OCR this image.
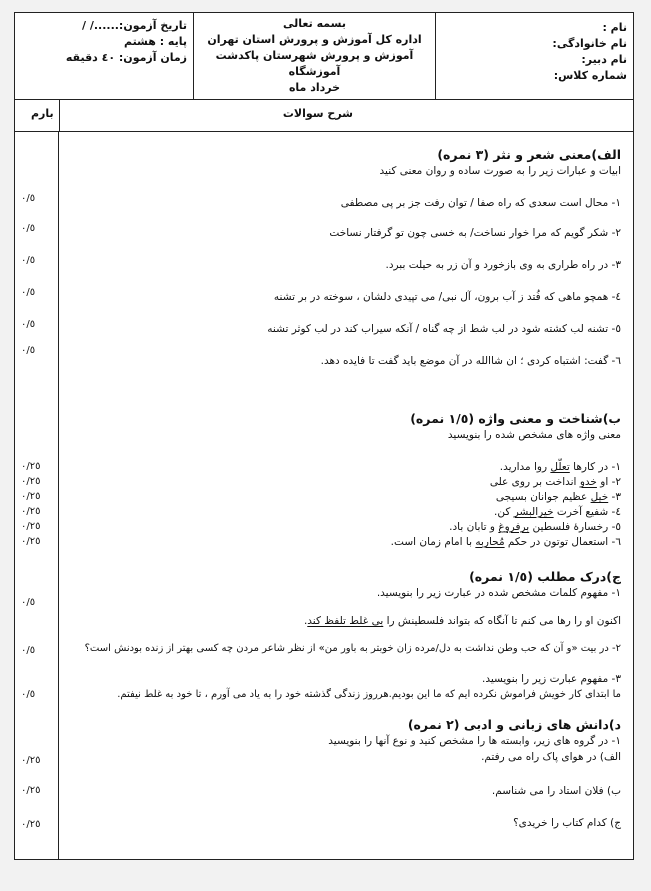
نام :
نام خانوادگی:
نام دبیر:
شماره کلاس:
بسمه تعالی
اداره کل آموزش و پرورش استان تهران
آموزش و پرورش شهرستان پاکدشت
آموزشگاه
خرداد ماه
تاریخ آزمون:....../ /
پایه : هشتم
زمان آزمون: ٤٠ دقیقه
شرح سوالات
بارم
الف)معنی شعر و نثر (۳ نمره)
ابیات و عبارات زیر را به صورت ساده و روان معنی کنید
١- محال است سعدی که راه صفا / توان رفت جز بر پی مصطفی
٠/٥
٢- شکر گویم که مرا خوار نساخت/ به خسی چون تو گرفتار نساخت
٠/٥
٣- در راه طراری به وی بازخورد و آن زر به حیلت ببرد.
٠/٥
٤- همچو ماهی که فُتد ز آب برون، آل نبی/ می تپیدی دلشان ، سوخته در بر تشنه
٠/٥
٥- تشنه لب کشته شود در لب شط از چه گناه / آنکه سیراب کند در لب کوثر تشنه
٠/٥
٦- گفت: اشتباه کردی ؛ ان شاالله در آن موضع باید گفت تا فایده دهد.
٠/٥
ب)شناخت و معنی واژه (١/٥ نمره)
معنی واژه های مشخص شده را بنویسید
١- در کارها تعلّل روا مدارید.
٠/٢٥
٢- او خدو انداخت بر روی علی
٠/٢٥
٣- خیل عظیم جوانان بسیجی
٠/٢٥
٤- شفیع آخرت خیرالبشر کن.
٠/٢٥
٥- رخسارهٔ فلسطین برفروغ و تابان باد.
٠/٢٥
٦- استعمال توتون در حکم مُحاربه با امام زمان است.
٠/٢٥
ج)درک مطلب (١/٥ نمره)
١- مفهوم کلمات مشخص شده در عبارت زیر را بنویسید.
٠/٥
اکنون او را رها می کنم تا آنگاه که بتواند فلسطینش را بی غلط تلفظ کند.
٢- در بیت «و آن که حب وطن نداشت به دل/مرده زان خوبتر به باور من» از نظر شاعر مردن چه کسی بهتر از زنده بودنش است؟
٠/٥
٣- مفهوم عبارت زیر را بنویسید.
ما ابتدای کار خویش فراموش نکرده ایم که ما این بودیم.هرروز زندگی گذشته خود را به یاد می آورم ، تا خود به غلط نیفتم.
٠/٥
د)دانش های زبانی و ادبی (٢ نمره)
١- در گروه های زیر، وابسته ها را مشخص کنید و نوع آنها را بنویسید
الف) در هوای پاک راه می رفتم.
٠/٢٥
ب) فلان استاد را می شناسم.
٠/٢٥
ج) کدام کتاب را خریدی؟
٠/٢٥
